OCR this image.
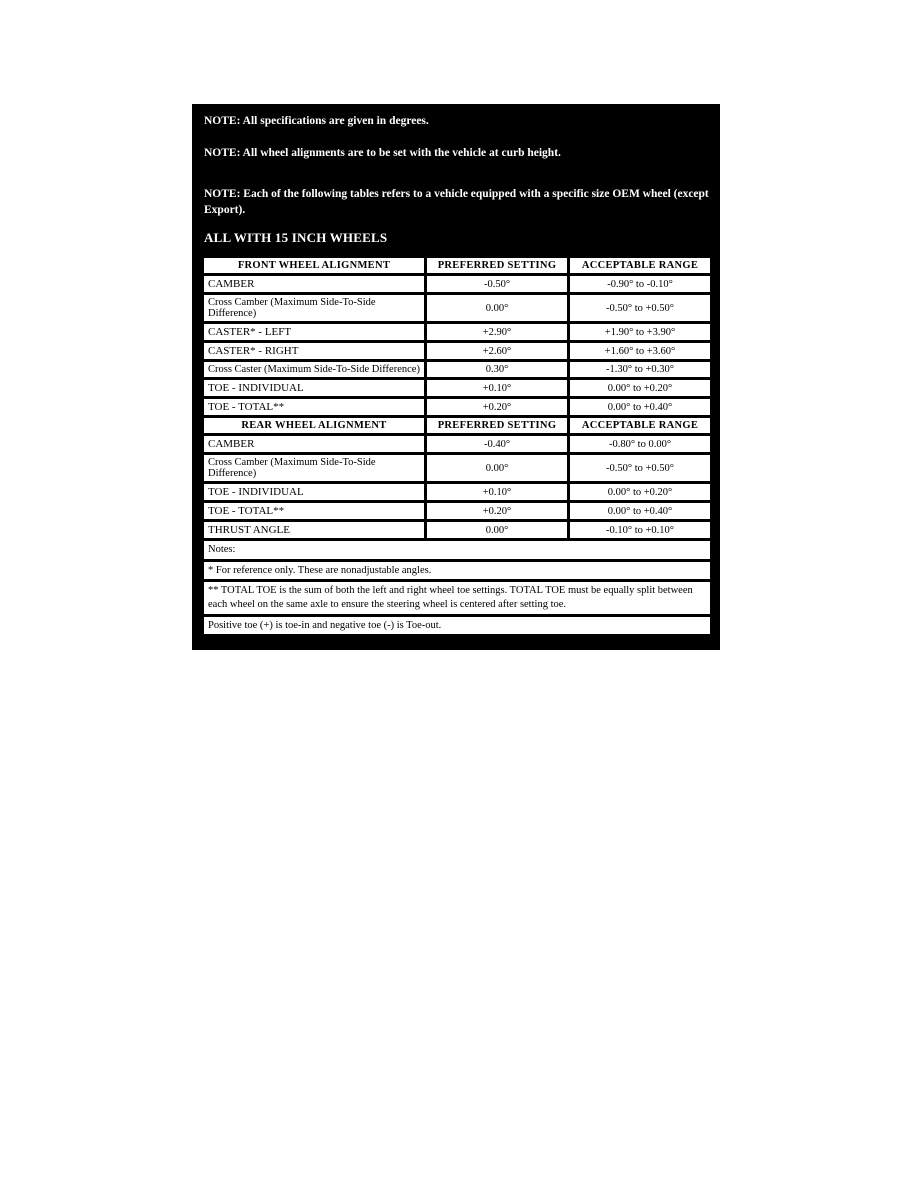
NOTE: All specifications are given in degrees.

NOTE: All wheel alignments are to be set with the vehicle at curb height.

NOTE: Each of the following tables refers to a vehicle equipped with a specific size OEM wheel (except Export).

ALL WITH 15 INCH WHEELS
FRONT WHEEL ALIGNMENT	PREFERRED SETTING	ACCEPTABLE RANGE
CAMBER	-0.50°	-0.90° to -0.10°
Cross Camber (Maximum Side-To-Side Difference)	0.00°	-0.50° to +0.50°
CASTER* - LEFT	+2.90°	+1.90° to +3.90°
CASTER* - RIGHT	+2.60°	+1.60° to +3.60°
Cross Caster (Maximum Side-To-Side Difference)	0.30°	-1.30° to +0.30°
TOE - INDIVIDUAL	+0.10°	0.00° to +0.20°
TOE - TOTAL**	+0.20°	0.00° to +0.40°
REAR WHEEL ALIGNMENT	PREFERRED SETTING	ACCEPTABLE RANGE
CAMBER	-0.40°	-0.80° to 0.00°
Cross Camber (Maximum Side-To-Side Difference)	0.00°	-0.50° to +0.50°
TOE - INDIVIDUAL	+0.10°	0.00° to +0.20°
TOE - TOTAL**	+0.20°	0.00° to +0.40°
THRUST ANGLE	0.00°	-0.10° to +0.10°
Notes:		
* For reference only. These are nonadjustable angles.		
** TOTAL TOE is the sum of both the left and right wheel toe settings. TOTAL TOE must be equally split between each wheel on the same axle to ensure the steering wheel is centered after setting toe.		
Positive toe (+) is toe-in and negative toe (-) is Toe-out.		
